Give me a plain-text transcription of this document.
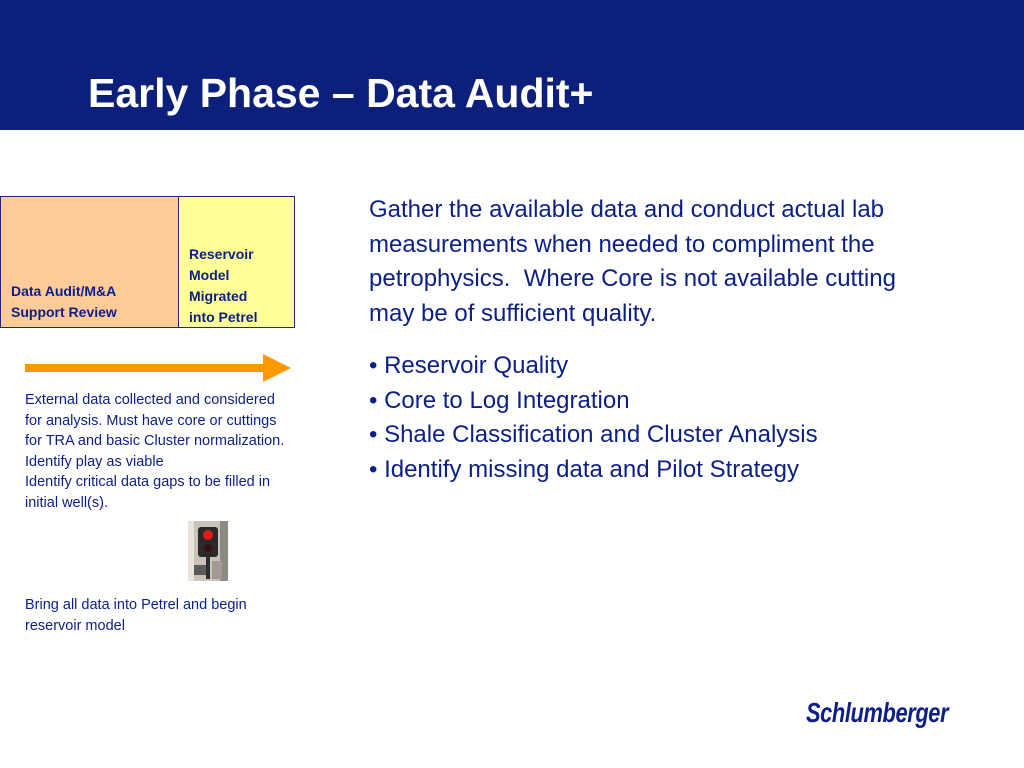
Early Phase – Data Audit+
Data Audit/M&A
Support Review
Reservoir
Model
Migrated
into Petrel
External data collected and considered for analysis. Must have core or cuttings for TRA and basic Cluster normalization.
Identify play as viable
Identify critical data gaps to be filled in initial well(s).
Bring all data into Petrel and begin reservoir model

Gather the available data and conduct actual lab measurements when needed to compliment the petrophysics.  Where Core is not available cutting may be of sufficient quality.

• Reservoir Quality
• Core to Log Integration
• Shale Classification and Cluster Analysis
• Identify missing data and Pilot Strategy
Schlumberger
